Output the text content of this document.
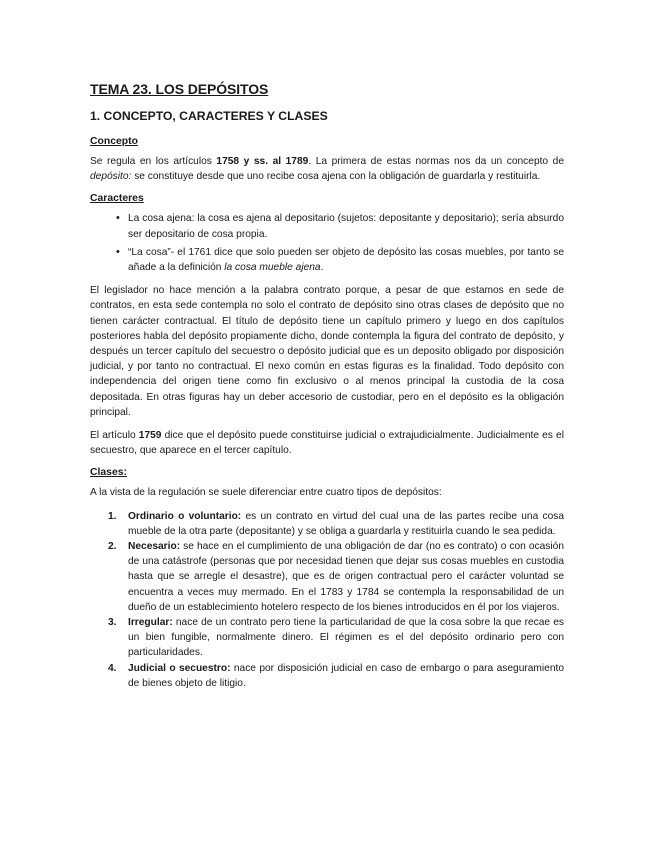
TEMA 23. LOS DEPÓSITOS
1. CONCEPTO, CARACTERES Y CLASES
Concepto

Se regula en los artículos 1758 y ss. al 1789. La primera de estas normas nos da un concepto de depósito: se constituye desde que uno recibe cosa ajena con la obligación de guardarla y restituirla.

Caracteres
• La cosa ajena: la cosa es ajena al depositario (sujetos: depositante y depositario); sería absurdo ser depositario de cosa propia.
• “La cosa”- el 1761 dice que solo pueden ser objeto de depósito las cosas muebles, por tanto se añade a la definición la cosa mueble ajena.

El legislador no hace mención a la palabra contrato porque, a pesar de que estamos en sede de contratos, en esta sede contempla no solo el contrato de depósito sino otras clases de depósito que no tienen carácter contractual. El título de depósito tiene un capítulo primero y luego en dos capítulos posteriores habla del depósito propiamente dicho, donde contempla la figura del contrato de depósito, y después un tercer capítulo del secuestro o depósito judicial que es un deposito obligado por disposición judicial, y por tanto no contractual. El nexo común en estas figuras es la finalidad. Todo depósito con independencia del origen tiene como fin exclusivo o al menos principal la custodia de la cosa depositada. En otras figuras hay un deber accesorio de custodiar, pero en el depósito es la obligación principal.

El artículo 1759 dice que el depósito puede constituirse judicial o extrajudicialmente. Judicialmente es el secuestro, que aparece en el tercer capítulo.

Clases:

A la vista de la regulación se suele diferenciar entre cuatro tipos de depósitos:

1. Ordinario o voluntario: es un contrato en virtud del cual una de las partes recibe una cosa mueble de la otra parte (depositante) y se obliga a guardarla y restituirla cuando le sea pedida.
2. Necesario: se hace en el cumplimiento de una obligación de dar (no es contrato) o con ocasión de una catástrofe (personas que por necesidad tienen que dejar sus cosas muebles en custodia hasta que se arregle el desastre), que es de origen contractual pero el carácter voluntad se encuentra a veces muy mermado. En el 1783 y 1784 se contempla la responsabilidad de un dueño de un establecimiento hotelero respecto de los bienes introducidos en él por los viajeros.
3. Irregular: nace de un contrato pero tiene la particularidad de que la cosa sobre la que recae es un bien fungible, normalmente dinero. El régimen es el del depósito ordinario pero con particularidades.
4. Judicial o secuestro: nace por disposición judicial en caso de embargo o para aseguramiento de bienes objeto de litigio.
